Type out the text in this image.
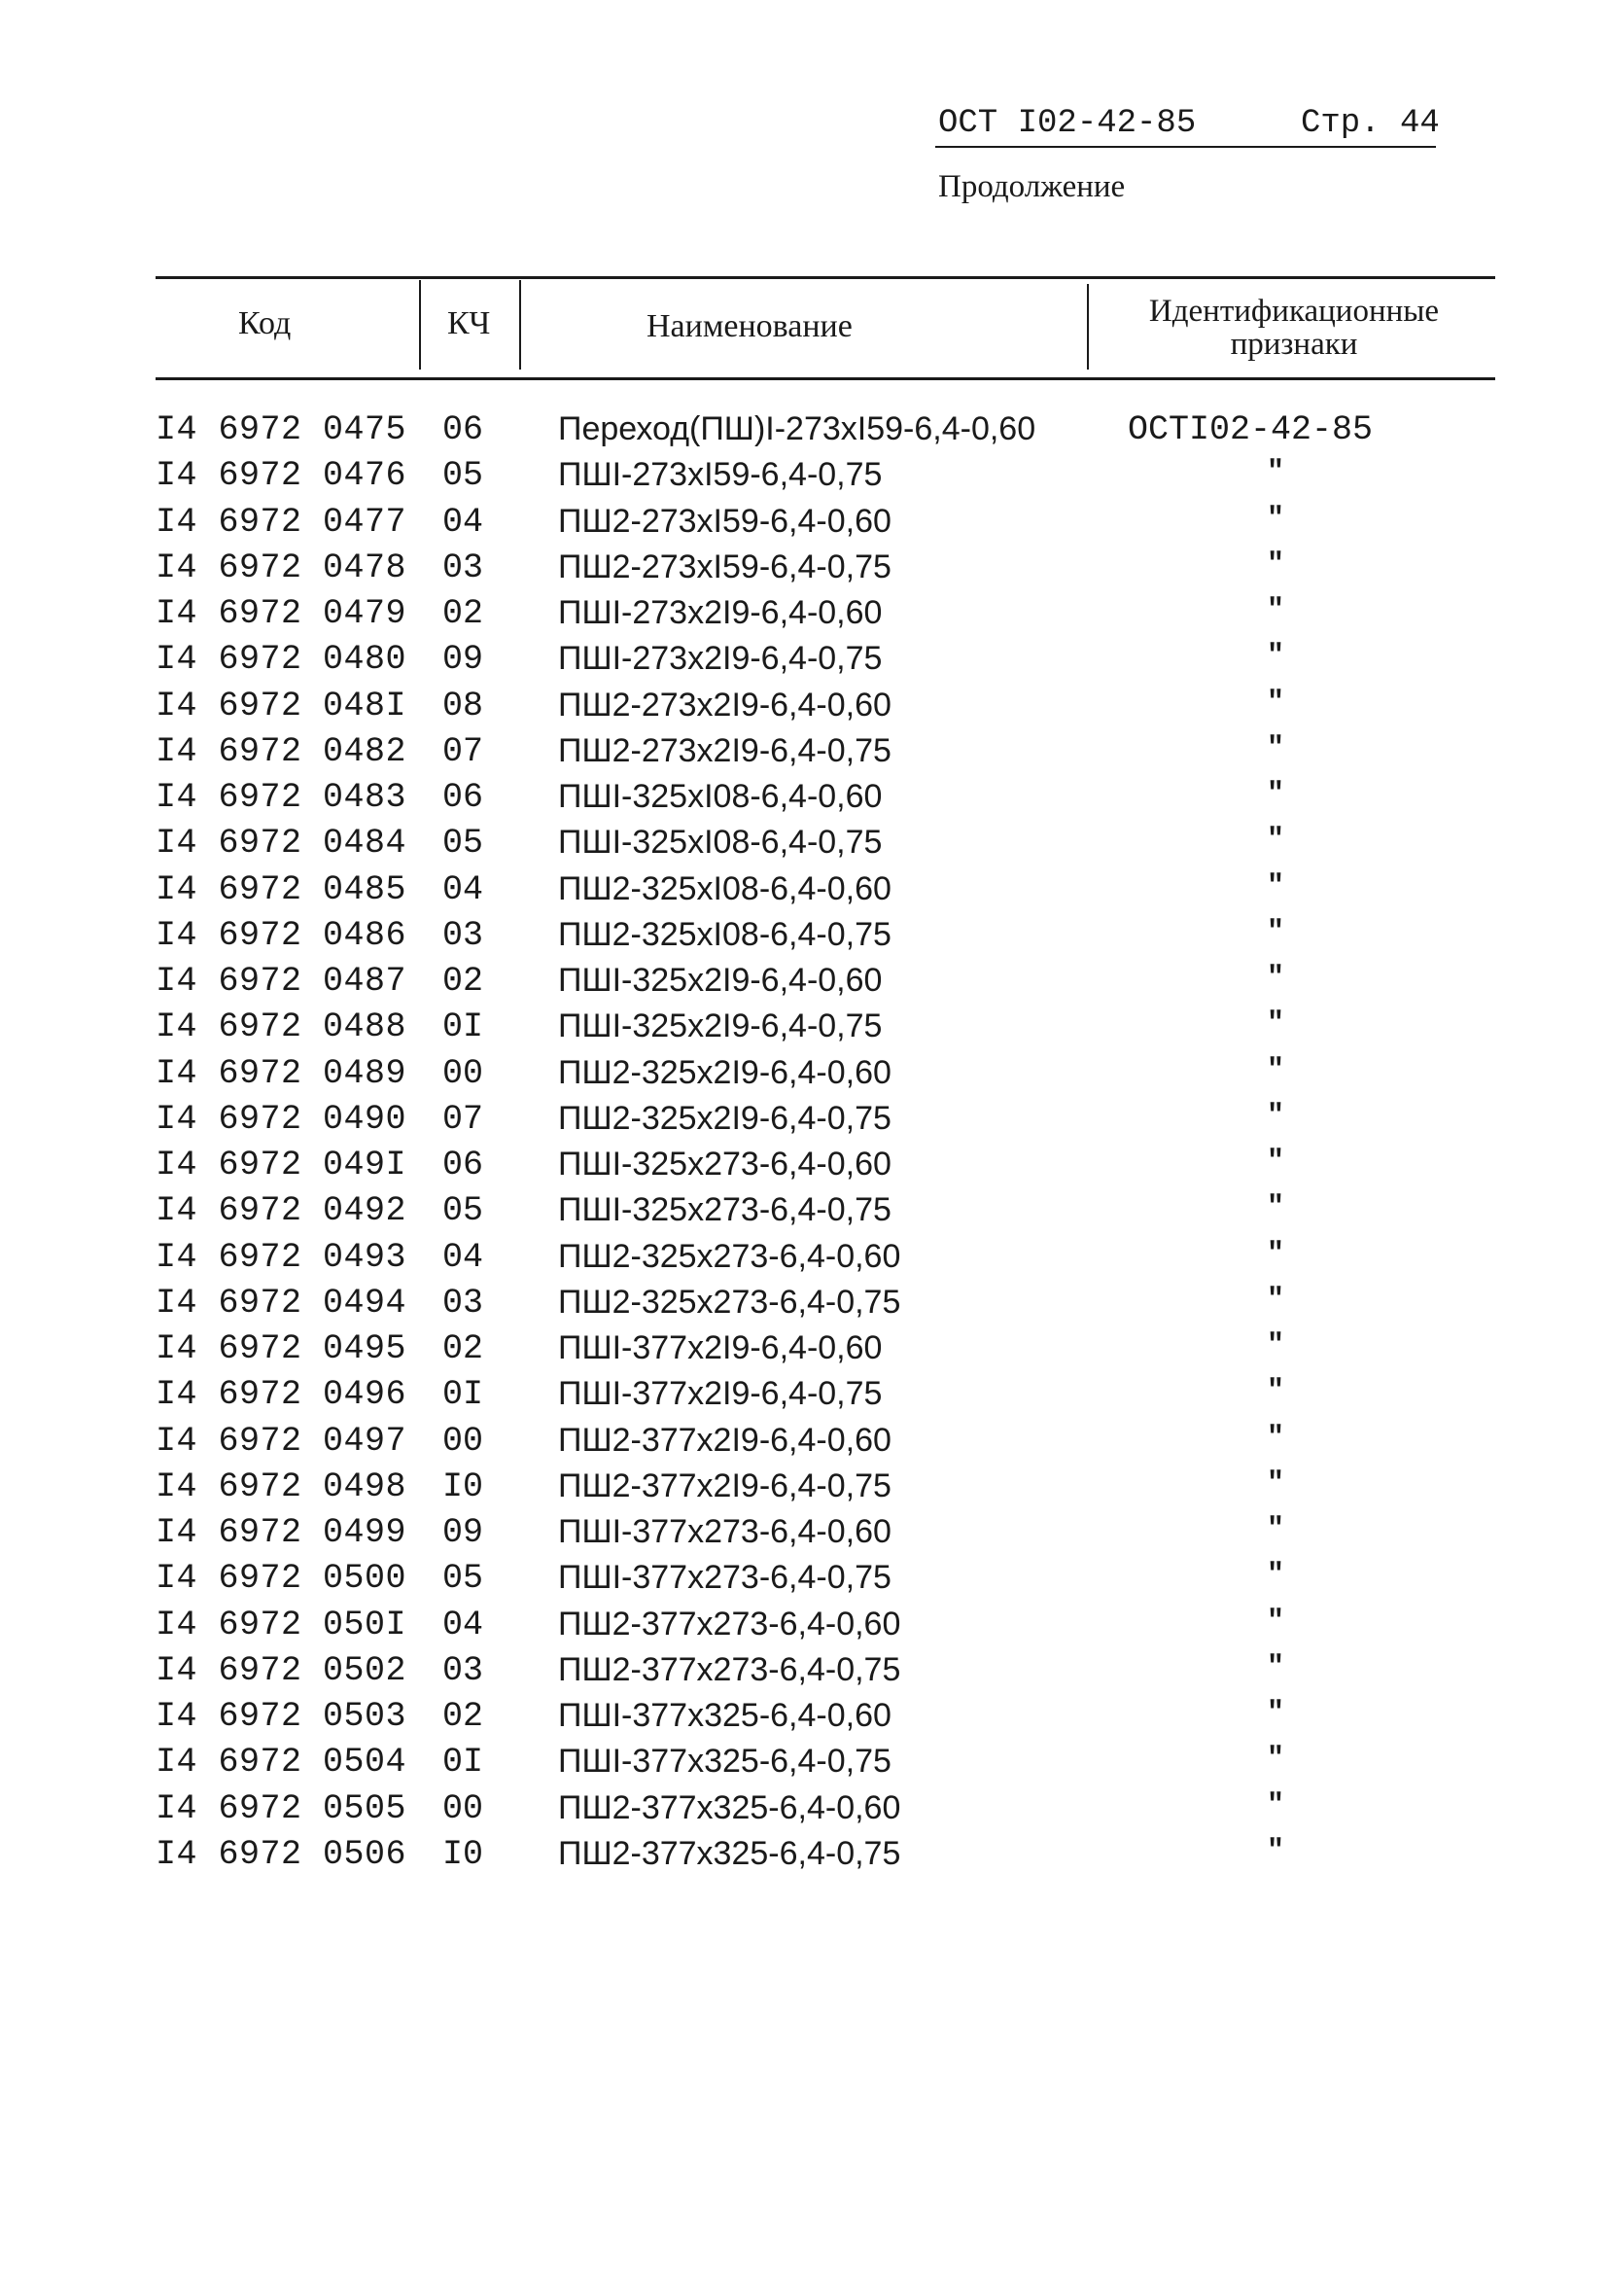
ОСТ I02-42-85	Стр. 44
Продолжение
Код	КЧ	Наименование	Идентификационные
признаки
I4 6972 0475 06 Переход(ПШ)I-273xI59-6,4-0,60	ОСТI02-42-85
I4 6972 0476 05 ПШI-273xI59-6,4-0,75	"
I4 6972 0477 04 ПШ2-273xI59-6,4-0,60	"
I4 6972 0478 03 ПШ2-273xI59-6,4-0,75	"
I4 6972 0479 02 ПШI-273x2I9-6,4-0,60	"
I4 6972 0480 09 ПШI-273x2I9-6,4-0,75	"
I4 6972 048I 08 ПШ2-273x2I9-6,4-0,60	"
I4 6972 0482 07 ПШ2-273x2I9-6,4-0,75	"
I4 6972 0483 06 ПШI-325xI08-6,4-0,60	"
I4 6972 0484 05 ПШI-325xI08-6,4-0,75	"
I4 6972 0485 04 ПШ2-325xI08-6,4-0,60	"
I4 6972 0486 03 ПШ2-325xI08-6,4-0,75	"
I4 6972 0487 02 ПШI-325x2I9-6,4-0,60	"
I4 6972 0488 0I ПШI-325x2I9-6,4-0,75	"
I4 6972 0489 00 ПШ2-325x2I9-6,4-0,60	"
I4 6972 0490 07 ПШ2-325x2I9-6,4-0,75	"
I4 6972 049I 06 ПШI-325x273-6,4-0,60	"
I4 6972 0492 05 ПШI-325x273-6,4-0,75	"
I4 6972 0493 04 ПШ2-325x273-6,4-0,60	"
I4 6972 0494 03 ПШ2-325x273-6,4-0,75	"
I4 6972 0495 02 ПШI-377x2I9-6,4-0,60	"
I4 6972 0496 0I ПШI-377x2I9-6,4-0,75	"
I4 6972 0497 00 ПШ2-377x2I9-6,4-0,60	"
I4 6972 0498 I0 ПШ2-377x2I9-6,4-0,75	"
I4 6972 0499 09 ПШI-377x273-6,4-0,60	"
I4 6972 0500 05 ПШI-377x273-6,4-0,75	"
I4 6972 050I 04 ПШ2-377x273-6,4-0,60	"
I4 6972 0502 03 ПШ2-377x273-6,4-0,75	"
I4 6972 0503 02 ПШI-377x325-6,4-0,60	"
I4 6972 0504 0I ПШI-377x325-6,4-0,75	"
I4 6972 0505 00 ПШ2-377x325-6,4-0,60	"
I4 6972 0506 I0 ПШ2-377x325-6,4-0,75	"
